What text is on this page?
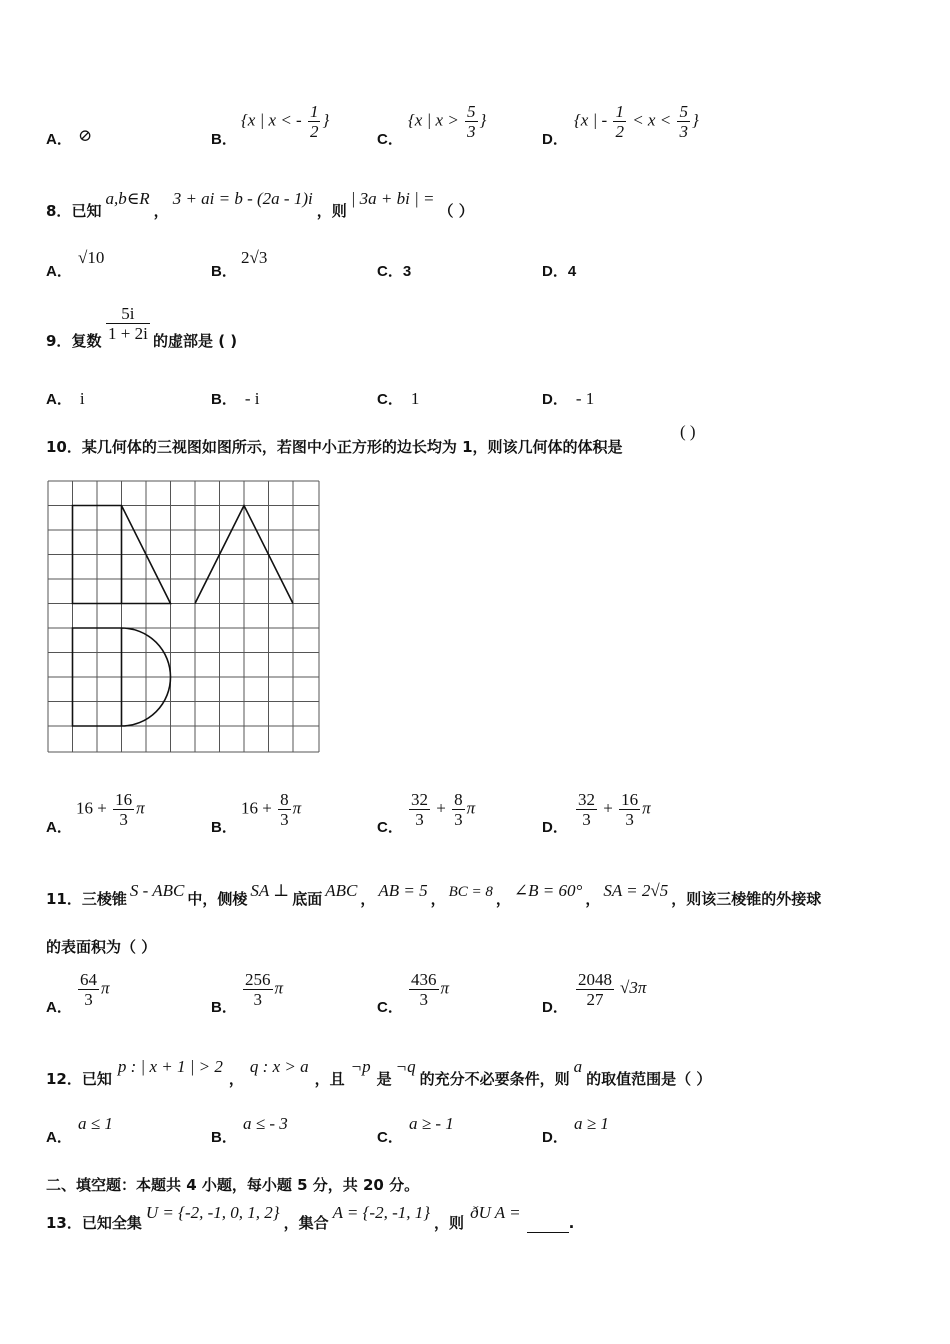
A． ⊘	B．
{x | x < - $\frac{1}{2}$ }
C．
{x | $x > \frac{5}{3}$ }
D．
{x | - $\frac{1}{2} < x < \frac{5}{3}$ }
8．已知a,b∈R，3 + ai = b - (2a - 1)i，则| 3a + bi | =（ ）
A．
√10
B．
2√3
C．3	D．4
9．复数 $\frac{5i}{1 + 2i}$ 的虚部是 ( )
A． i	B． - i	C． 1	D． - 1
10．某几何体的三视图如图所示，若图中小正方形的边长均为 1，则该几何体的体积是
( )
A．
$16 + \frac{16}{3}$ π
B．
$16 + \frac{8}{3}$ π
C． $\frac{32}{3} + \frac{8}{3}$ π
D． $\frac{32}{3} + \frac{16}{3}$ π
11．三棱锥 S - ABC 中，侧棱 SA ⊥ 底面 ABC ， AB = 5 ， BC = 8 ， ∠B = 60° ， SA = 2√5 ，则该三棱锥的外接球
的表面积为（ ）
A． $\frac{64}{3}$ π
B． $\frac{256}{3}$ π
C． $\frac{436}{3}$ π
D． $\frac{2048}{27} √3\pi$
12．已知p : | x + 1 | > 2，q : x > a，且¬p是¬q的充分不必要条件，则a的取值范围是（ ）
A．
a ≤ 1
B．
a ≤ - 3
C．
a ≥ - 1
D．
a ≥ 1
二、填空题：本题共 4 小题，每小题 5 分，共 20 分。
13．已知全集U = {-2, -1, 0, 1, 2}，集合A = {-2, -1, 1}，则ðU A =.
